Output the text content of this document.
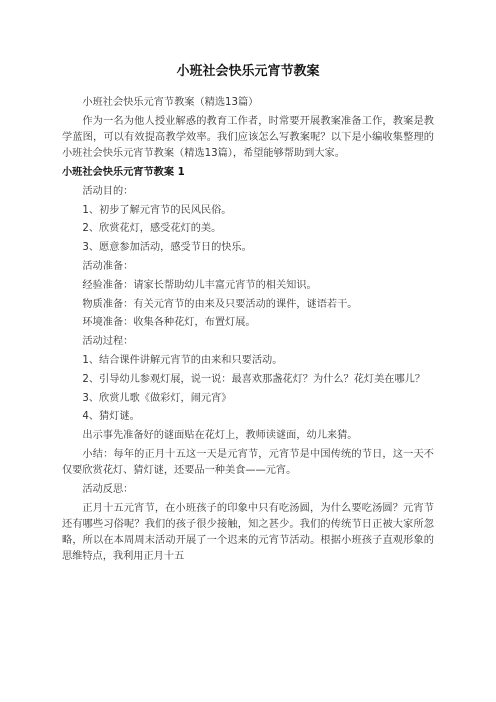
小班社会快乐元宵节教案

小班社会快乐元宵节教案（精选13篇）

作为一名为他人授业解惑的教育工作者，时常要开展教案准备工作，教案是教学蓝图，可以有效提高教学效率。我们应该怎么写教案呢？以下是小编收集整理的小班社会快乐元宵节教案（精选13篇），希望能够帮助到大家。

小班社会快乐元宵节教案 1

活动目的：

1、初步了解元宵节的民风民俗。

2、欣赏花灯，感受花灯的美。

3、愿意参加活动，感受节日的快乐。

活动准备：

经验准备：请家长帮助幼儿丰富元宵节的相关知识。

物质准备：有关元宵节的由来及只要活动的课件，谜语若干。

环境准备：收集各种花灯，布置灯展。

活动过程：

1、结合课件讲解元宵节的由来和只要活动。

2、引导幼儿参观灯展，说一说：最喜欢那盏花灯？为什么？花灯美在哪儿？

3、欣赏儿歌《做彩灯，闹元宵》

4、猜灯谜。

出示事先准备好的谜面贴在花灯上，教师读谜面，幼儿来猜。

小结：每年的正月十五这一天是元宵节，元宵节是中国传统的节日，这一天不仅要欣赏花灯、猜灯谜，还要品一种美食——元宵。

活动反思：

正月十五元宵节，在小班孩子的印象中只有吃汤圆，为什么要吃汤圆？元宵节还有哪些习俗呢？我们的孩子很少接触，知之甚少。我们的传统节日正被大家所忽略，所以在本周周末活动开展了一个迟来的元宵节活动。根据小班孩子直观形象的思维特点，我利用正月十五
